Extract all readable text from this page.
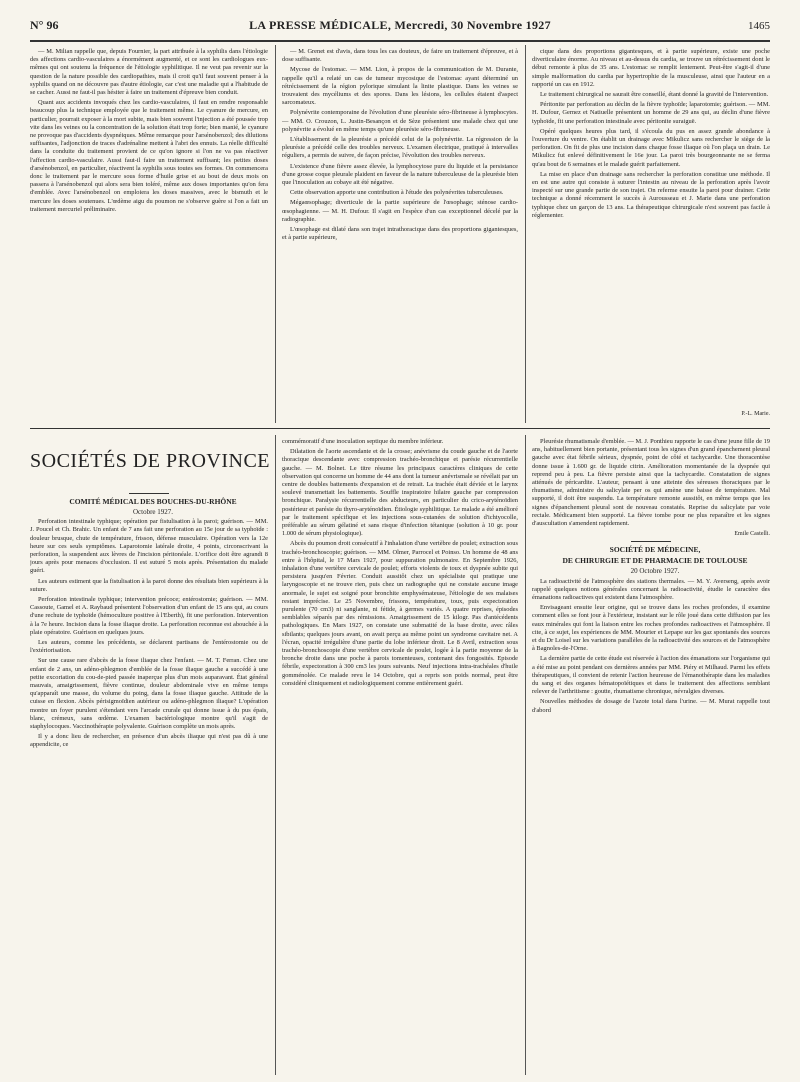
N° 96	LA PRESSE MÉDICALE, Mercredi, 30 Novembre 1927	1465

— M. Milian rappelle que, depuis Fournier, la part attribuée à la syphilis dans l'étiologie des affections cardio-vasculaires a énormément augmenté, et ce sont les cardiologues eux-mêmes qui ont soutenu la fréquence de l'étiologie syphilitique. Il ne veut pas revenir sur la question de la nature possible des cardiopathies, mais il croit qu'il faut souvent penser à la syphilis quand on ne découvre pas d'autre étiologie, car c'est une maladie qui a l'habitude de se cacher. Aussi ne faut-il pas hésiter à faire un traitement d'épreuve bien conduit.

Quant aux accidents invoqués chez les cardio-vasculaires, il faut en rendre responsable beaucoup plus la technique employée que le traitement même. Le cyanure de mercure, en particulier, pourrait exposer à la mort subite, mais bien souvent l'injection a été poussée trop vite dans les veines ou la concentration de la solution était trop forte; bien manié, le cyanure ne provoque pas d'accidents dyspnéiques. Même remarque pour l'arsénobenzol; des dilutions suffisantes, l'adjonction de traces d'adrénaline mettent à l'abri des ennuis. La réelle difficulté dans la conduite du traitement provient de ce qu'on ignore si l'on ne va pas réactiver l'affection cardio-vasculaire. Aussi faut-il faire un traitement suffisant; les petites doses d'arsénobenzol, en particulier, réactivent la syphilis sous toutes ses formes. On commencera donc le traitement par le mercure sous forme d'huile grise et au bout de deux mois on passera à l'arsénobenzol qui alors sera bien toléré, même aux doses importantes qu'on fera d'emblée. Avec l'arsénobenzol on emploiera les doses massives, avec le bismuth et le mercure les doses soutenues. L'œdème aigu du poumon ne s'observe guère si l'on a fait un traitement mercuriel préliminaire.

— M. Grenet est d'avis, dans tous les cas douteux, de faire un traitement d'épreuve, et à dose suffisante.

Mycose de l'estomac. — MM. Lion, à propos de la communication de M. Durante, rappelle qu'il a relaté un cas de tumeur mycosique de l'estomac ayant déterminé un rétrécissement de la région pylorique simulant la linite plastique. Dans les veines se trouvaient des mycéliums et des spores. Dans les lésions, les cellules étaient d'aspect sarcomateux.

Polynévrite contemporaine de l'évolution d'une pleurésie séro-fibrineuse à lymphocytes. — MM. O. Crouzon, L. Justin-Besançon et de Sèze présentent une malade chez qui une polynévrite a évolué en même temps qu'une pleurésie séro-fibrineuse.

L'établissement de la pleurésie a précédé celui de la polynévrite. La régression de la pleurésie a précédé celle des troubles nerveux. L'examen électrique, pratiqué à intervalles réguliers, a permis de suivre, de façon précise, l'évolution des troubles nerveux.

L'existence d'une fièvre assez élevée, la lymphocytose pure du liquide et la persistance d'une grosse coque pleurale plaident en faveur de la nature tuberculeuse de la pleurésie bien que l'inoculation au cobaye ait été négative.

Cette observation apporte une contribution à l'étude des polynévrites tuberculeuses.

Mégaœsophage; diverticule de la partie supérieure de l'œsophage; sténose cardio-œsophagienne. — M. H. Dufour. Il s'agit en l'espèce d'un cas exceptionnel décelé par la radiographie.

L'œsophage est dilaté dans son trajet intrathoracique dans des proportions gigantesques, et à partie supérieure,

cique dans des proportions gigantesques, et à partie supérieure, existe une poche diverticulaire énorme. Au niveau et au-dessus du cardia, se trouve un rétrécissement dont le début remonte à plus de 35 ans. L'estomac se remplit lentement. Peut-être s'agit-il d'une simple malformation du cardia par hypertrophie de la musculeuse, ainsi que l'auteur en a rapporté un cas en 1912.

Le traitement chirurgical ne saurait être conseillé, étant donné la gravité de l'intervention.

Péritonite par perforation au déclin de la fièvre typhoïde; laparotomie; guérison. — MM. H. Dufour, Gernez et Natiuelle présentent un homme de 29 ans qui, au déclin d'une fièvre typhoïde, fit une perforation intestinale avec péritonite suraiguë.

Opéré quelques heures plus tard, il s'écoula du pus en assez grande abondance à l'ouverture du ventre. On établit un drainage avec Mikulicz sans rechercher le siège de la perforation. On fit de plus une incision dans chaque fosse iliaque où l'on plaça un drain. Le Mikulicz fut enlevé définitivement le 16e jour. La paroi très bourgeonnante ne se ferma qu'au bout de 6 semaines et le malade guérit parfaitement.

La mise en place d'un drainage sans rechercher la perforation constitue une méthode. Il en est une autre qui consiste à suturer l'intestin au niveau de la perforation après l'avoir inspecté sur une grande partie de son trajet. On referme ensuite la paroi pour drainer. Cette technique a donné récemment le succès à Aurousseau et J. Marie dans une perforation typhique chez un garçon de 13 ans. La thérapeutique chirurgicale n'est souvent pas facile à réglementer.

P.-L. Marie.

SOCIÉTÉS DE PROVINCE

COMITÉ MÉDICAL DES BOUCHES-DU-RHÔNE

Octobre 1927.

Perforation intestinale typhique; opération par fistulisation à la paroi; guérison. — MM. J. Poucel et Ch. Brahic. Un enfant de 7 ans fait une perforation au 15e jour de sa typhoïde : douleur brusque, chute de température, frisson, défense musculaire. Opération vers la 12e heure sur ces seuls symptômes. Laparotomie latérale droite, 4 points, circonscrivant la perforation, la suspendent aux lèvres de l'incision péritonéale. L'orifice doit être agrandi 8 jours après pour menaces d'occlusion. Il est suturé 5 mois après. Présentation du malade guéri.

Les auteurs estiment que la fistulisation à la paroi donne des résultats bien supérieurs à la suture.

Perforation intestinale typhique; intervention précoce; entérostomie; guérison. — MM. Cassoute, Gamel et A. Raybaud présentent l'observation d'un enfant de 15 ans qui, au cours d'une rechute de typhoïde (hémoculture positive à l'Eberth), fit une perforation. Intervention à la 7e heure. Incision dans la fosse iliaque droite. La perforation reconnue est abouchée à la plaie opératoire. Guérison en quelques jours.

Les auteurs, comme les précédents, se déclarent partisans de l'entérostomie ou de l'extériorisation.

Sur une cause rare d'abcès de la fosse iliaque chez l'enfant. — M. T. Ferran. Chez une enfant de 2 ans, un adéno-phlegmon d'emblée de la fosse iliaque gauche a succédé à une petite excoriation du cou-de-pied passée inaperçue plus d'un mois auparavant. État général mauvais, amaigrissement, fièvre continue, douleur abdominale vive en même temps qu'apparaît une masse, du volume du poing, dans la fosse iliaque gauche. Attitude de la cuisse en flexion. Abcès périsigmoïdien autérieur ou adéno-phlegmon iliaque? L'opération montre un foyer purulent s'étendant vers l'arcade crurale qui donne issue à du pus épais, blanc, crémeux, sans œdème. L'examen bactériologique montre qu'il s'agit de staphylocoques. Vaccinothérapie polyvalente. Guérison complète un mois après.

Il y a donc lieu de rechercher, en présence d'un abcès iliaque qui n'est pas dû à une appendicite, ce

commémoratif d'une inoculation septique du membre inférieur.

Dilatation de l'aorte ascendante et de la crosse; anévrisme du coude gauche et de l'aorte thoracique descendante avec compression trachéo-bronchique et parésie récurrentielle gauche. — M. Bolnet. Le titre résume les principaux caractères cliniques de cette observation qui concerne un homme de 44 ans dont la tumeur anévrismale se révélait par un centre de doubles battements d'expansion et de retrait. La trachée était déviée et le larynx soulevé transmettait les battements. Souffle inspiratoire hilaire gauche par compression bronchique. Paralysie récurrentielle des abducteurs, en particulier du crico-aryténoïdien postérieur et parésie du thyro-aryténoïdien. Étiologie syphilitique. Le malade a été amélioré par le traitement spécifique et les injections sous-cutanées de solution d'ichtyocolle, préférable au sérum gélatiné et sans risque d'infection tétanique (solution à 10 gr. pour 1.000 de sérum physiologique).

Abcès du poumon droit consécutif à l'inhalation d'une vertèbre de poulet; extraction sous trachéo-bronchoscopie; guérison. — MM. Olmer, Parrocel et Poinso. Un homme de 48 ans entre à l'hôpital, le 17 Mars 1927, pour suppuration pulmonaire. En Septembre 1926, inhalation d'une vertèbre cervicale de poulet; efforts violents de toux et dyspnée subite qui persistera jusqu'en Février. Conduit aussitôt chez un spécialiste qui pratique une laryngoscopie et ne trouve rien, puis chez un radiographe qui ne constate aucune image anormale, le sujet est soigné pour bronchite emphysémateuse, l'étiologie de ses malaises restant imprécise. Le 25 Novembre, frissons, température, toux, puis expectoration purulente (70 cm3) ni sanglante, ni fétide, à germes variés. A quatre reprises, épisodes semblables séparés par des rémissions. Amaigrissement de 15 kilogr. Pas d'antécédents pathologiques. En Mars 1927, on constate une submatité de la base droite, avec râles sibilants; quelques jours avant, on avait perçu au même point un syndrome cavitaire net. A l'écran, opacité irrégulière d'une partie du lobe inférieur droit. Le 8 Avril, extraction sous trachéo-bronchoscopie d'une vertèbre cervicale de poulet, logée à la partie moyenne de la bronche droite dans une poche à parois tomenteuses, contenant des fongosités. Episode fébrile, expectoration à 300 cm3 les jours suivants. Neuf injections intra-trachéales d'huile gomménolée. Ce malade revu le 14 Octobre, qui a repris son poids normal, peut être considéré cliniquement et radiologiquement comme entièrement guéri.

Pleurésie rhumatismale d'emblée. — M. J. Ponthieu rapporte le cas d'une jeune fille de 19 ans, habituellement bien portante, présentant tous les signes d'un grand épanchement pleural gauche avec état fébrile sérieux, dyspnée, point de côté et tachycardie. Une thoracentèse donne issue à 1.600 gr. de liquide citrin. Amélioration momentanée de la dyspnée qui reprend peu à peu. La fièvre persiste ainsi que la tachycardie. Constatation de signes atténués de péricardite. L'auteur, pensant à une atteinte des séreuses thoraciques par le rhumatisme, administre du salicylate per os qui amène une baisse de température. Mal supporté, il doit être suspendu. La température remonte aussitôt, en même temps que les signes d'épanchement pleural sont de nouveau constatés. Reprise du salicylate par voie rectale. Médicament bien supporté. La fièvre tombe pour ne plus reparaître et les signes d'auscultation s'amendent rapidement.

Emile Castelli.

SOCIÉTÉ DE MÉDECINE,

DE CHIRURGIE ET DE PHARMACIE DE TOULOUSE

20 Octobre 1927.

La radioactivité de l'atmosphère des stations thermales. — M. Y. Averseng, après avoir rappelé quelques notions générales concernant la radioactivité, étudie le caractère des émanations radioactives qui existent dans l'atmosphère.

Envisageant ensuite leur origine, qui se trouve dans les roches profondes, il examine comment elles se font jour à l'extérieur, insistant sur le rôle joué dans cette diffusion par les eaux minérales qui font la liaison entre les roches profondes radioactives et l'atmosphère. Il cite, à ce sujet, les expériences de MM. Mourier et Lepape sur les gaz spontanés des sources et du Dr Loisel sur les variations parallèles de la radioactivité des sources et de l'atmosphère à Bagnoles-de-l'Orne.

La dernière partie de cette étude est réservée à l'action des émanations sur l'organisme qui a été mise au point pendant ces dernières années par MM. Piéry et Milhaud. Parmi les effets thérapeutiques, il convient de retenir l'action heureuse de l'émanothérapie dans les maladies du sang et des organes hématopoïétiques et dans le traitement des affections semblant relever de l'arthritisme : goutte, rhumatisme chronique, névralgies diverses.

Nouvelles méthodes de dosage de l'azote total dans l'urine. — M. Murat rappelle tout d'abord
